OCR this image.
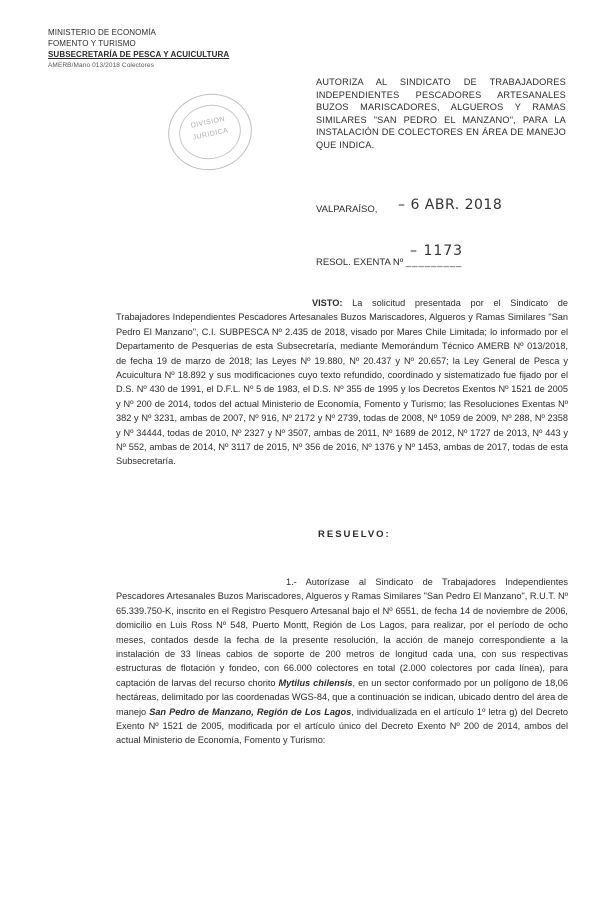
MINISTERIO DE ECONOMÍA
FOMENTO Y TURISMO
SUBSECRETARÍA DE PESCA Y ACUICULTURA
AMERB/Mano 013/2018 Colectores
DIVISION
JURIDICA
AUTORIZA AL SINDICATO DE TRABAJADORES INDEPENDIENTES PESCADORES ARTESANALES BUZOS MARISCADORES, ALGUEROS Y RAMAS SIMILARES "SAN PEDRO EL MANZANO", PARA LA INSTALACIÓN DE COLECTORES EN ÁREA DE MANEJO QUE INDICA.
VALPARAÍSO, – 6 ABR. 2018
– 1173
RESOL. EXENTA Nº _________
VISTO: La solicitud presentada por el Sindicato de Trabajadores Independientes Pescadores Artesanales Buzos Mariscadores, Algueros y Ramas Similares "San Pedro El Manzano", C.I. SUBPESCA Nº 2.435 de 2018, visado por Mares Chile Limitada; lo informado por el Departamento de Pesquerías de esta Subsecretaría, mediante Memorándum Técnico AMERB Nº 013/2018, de fecha 19 de marzo de 2018; las Leyes Nº 19.880, Nº 20.437 y Nº 20.657; la Ley General de Pesca y Acuicultura Nº 18.892 y sus modificaciones cuyo texto refundido, coordinado y sistematizado fue fijado por el D.S. Nº 430 de 1991, el D.F.L. Nº 5 de 1983, el D.S. Nº 355 de 1995 y los Decretos Exentos Nº 1521 de 2005 y Nº 200 de 2014, todos del actual Ministerio de Economía, Fomento y Turismo; las Resoluciones Exentas Nº 382 y Nº 3231, ambas de 2007, Nº 916, Nº 2172 y Nº 2739, todas de 2008, Nº 1059 de 2009, Nº 288, Nº 2358 y Nº 34444, todas de 2010, Nº 2327 y Nº 3507, ambas de 2011, Nº 1689 de 2012, Nº 1727 de 2013, Nº 443 y Nº 552, ambas de 2014, Nº 3117 de 2015, Nº 356 de 2016, Nº 1376 y Nº 1453, ambas de 2017, todas de esta Subsecretaría.
RESUELVO:
1.- Autorízase al Sindicato de Trabajadores Independientes Pescadores Artesanales Buzos Mariscadores, Algueros y Ramas Similares "San Pedro El Manzano", R.U.T. Nº 65.339.750-K, inscrito en el Registro Pesquero Artesanal bajo el Nº 6551, de fecha 14 de noviembre de 2006, domicilio en Luis Ross Nº 548, Puerto Montt, Región de Los Lagos, para realizar, por el período de ocho meses, contados desde la fecha de la presente resolución, la acción de manejo correspondiente a la instalación de 33 líneas cabios de soporte de 200 metros de longitud cada una, con sus respectivas estructuras de flotación y fondeo, con 66.000 colectores en total (2.000 colectores por cada línea), para captación de larvas del recurso chorito Mytilus chilensis, en un sector conformado por un polígono de 18,06 hectáreas, delimitado por las coordenadas WGS-84, que a continuación se indican, ubicado dentro del área de manejo San Pedro de Manzano, Región de Los Lagos, individualizada en el artículo 1º letra g) del Decreto Exento Nº 1521 de 2005, modificada por el artículo único del Decreto Exento Nº 200 de 2014, ambos del actual Ministerio de Economía, Fomento y Turismo:
